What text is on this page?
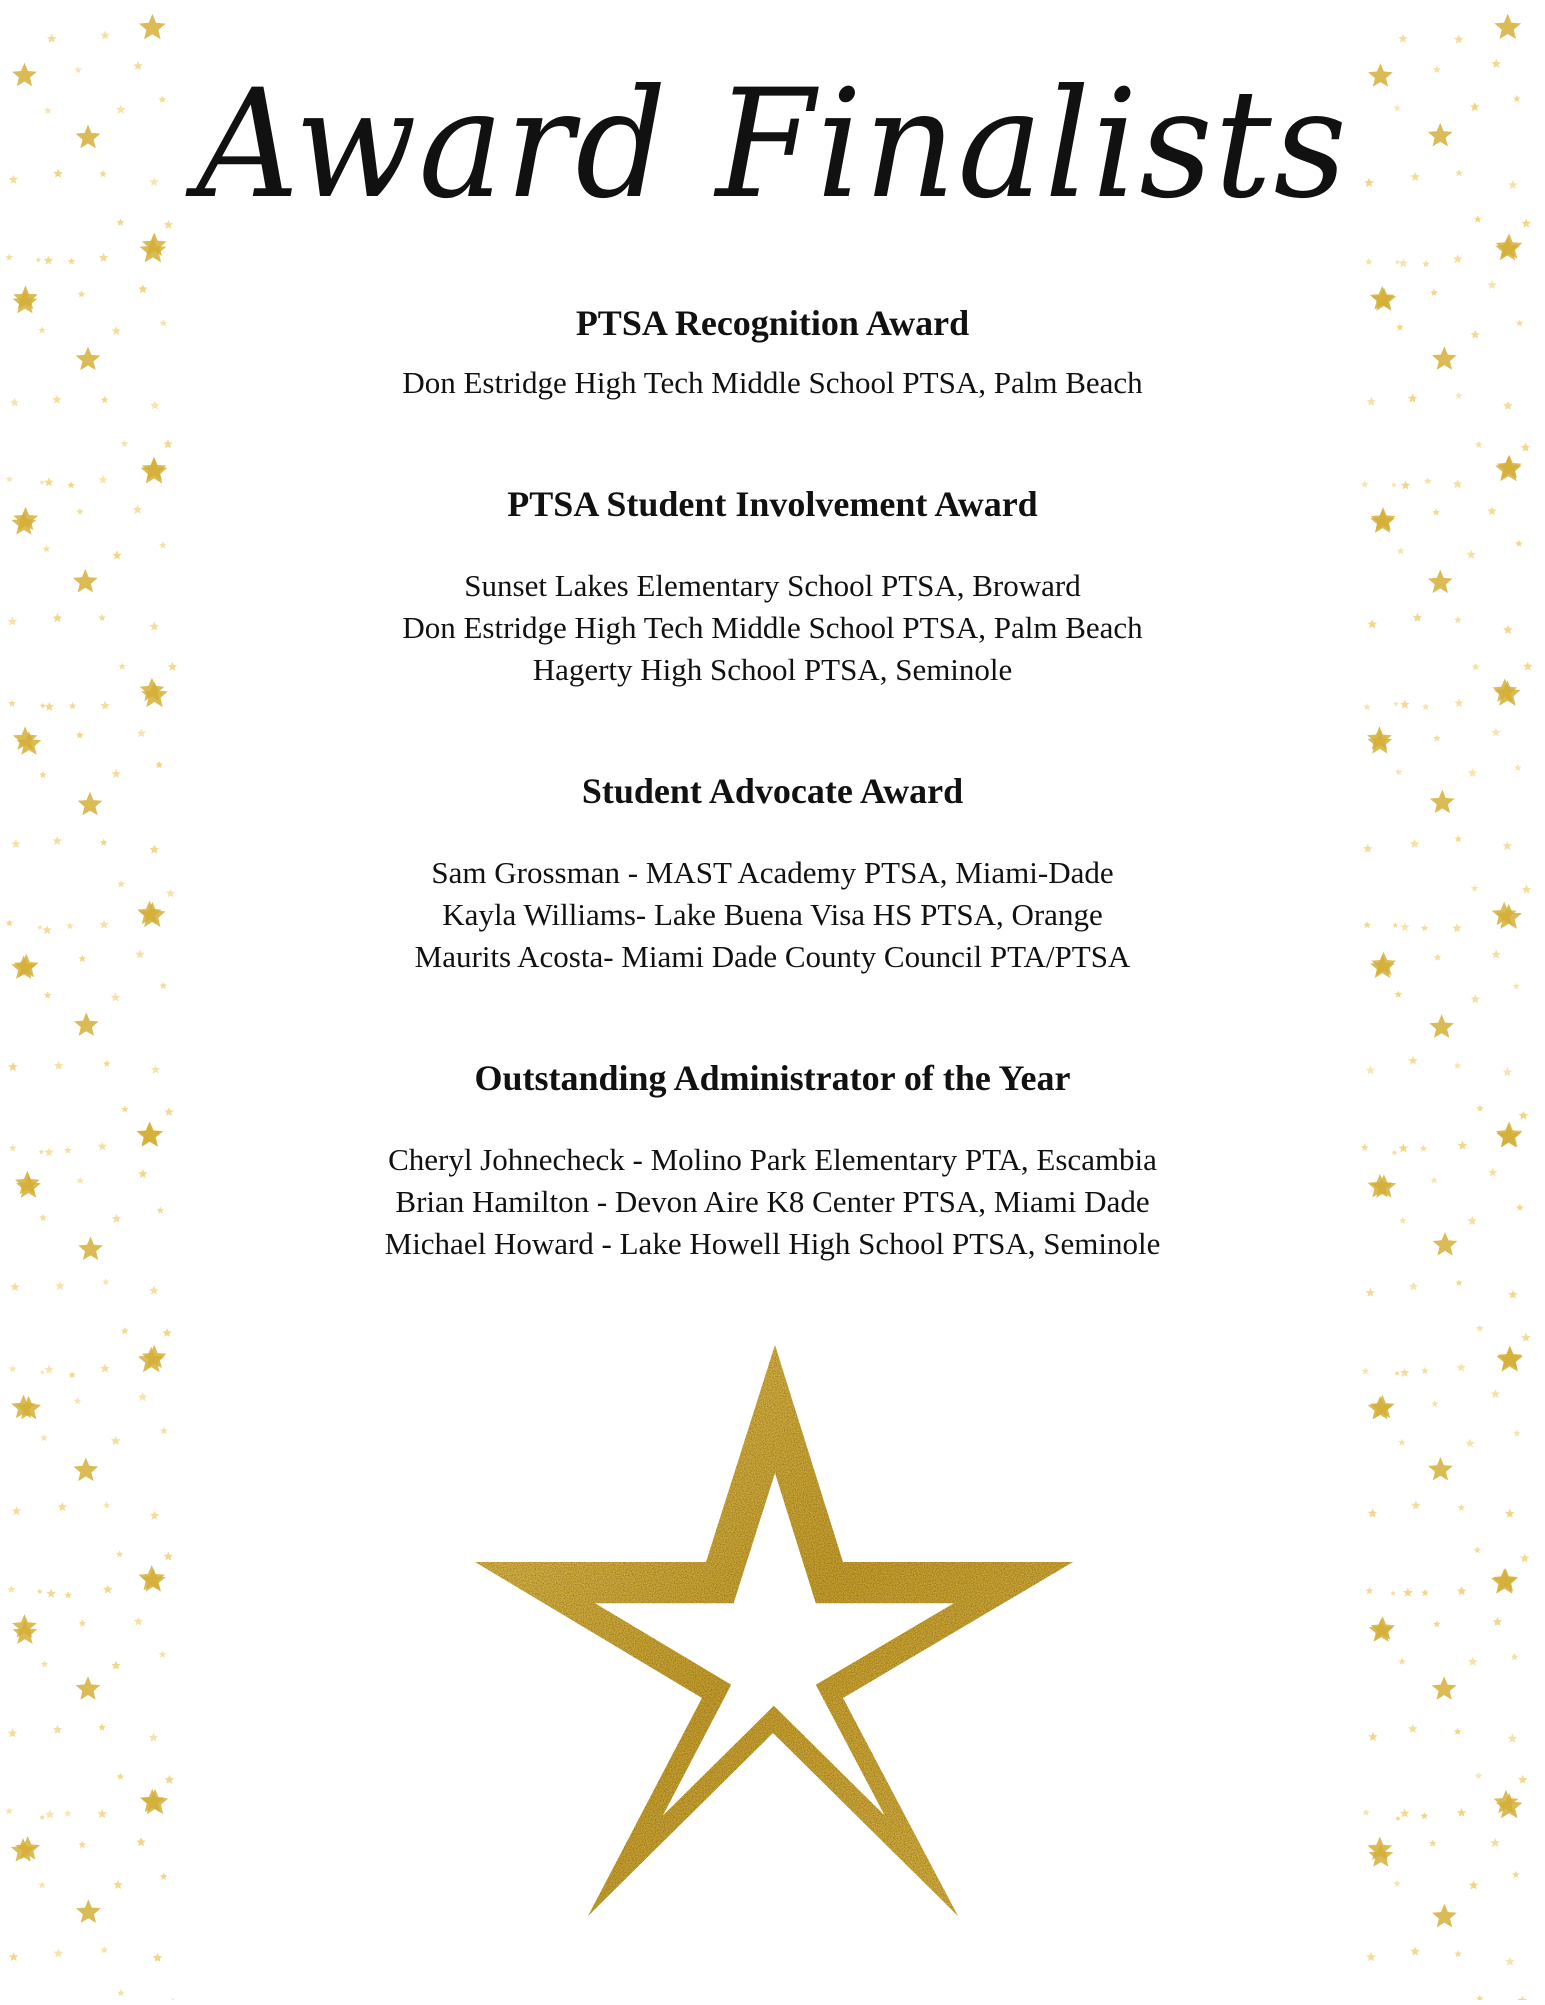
Award Finalists
PTSA Recognition Award
Don Estridge High Tech Middle School PTSA, Palm Beach
PTSA Student Involvement Award
Sunset Lakes Elementary School PTSA, Broward
Don Estridge High Tech Middle School PTSA, Palm Beach
Hagerty High School PTSA, Seminole
Student Advocate Award
Sam Grossman - MAST Academy PTSA, Miami-Dade
Kayla Williams- Lake Buena Visa HS PTSA, Orange
Maurits Acosta- Miami Dade County Council PTA/PTSA
Outstanding Administrator of the Year
Cheryl Johnecheck - Molino Park Elementary PTA, Escambia
Brian Hamilton - Devon Aire K8 Center PTSA, Miami Dade
Michael Howard - Lake Howell High School PTSA, Seminole
